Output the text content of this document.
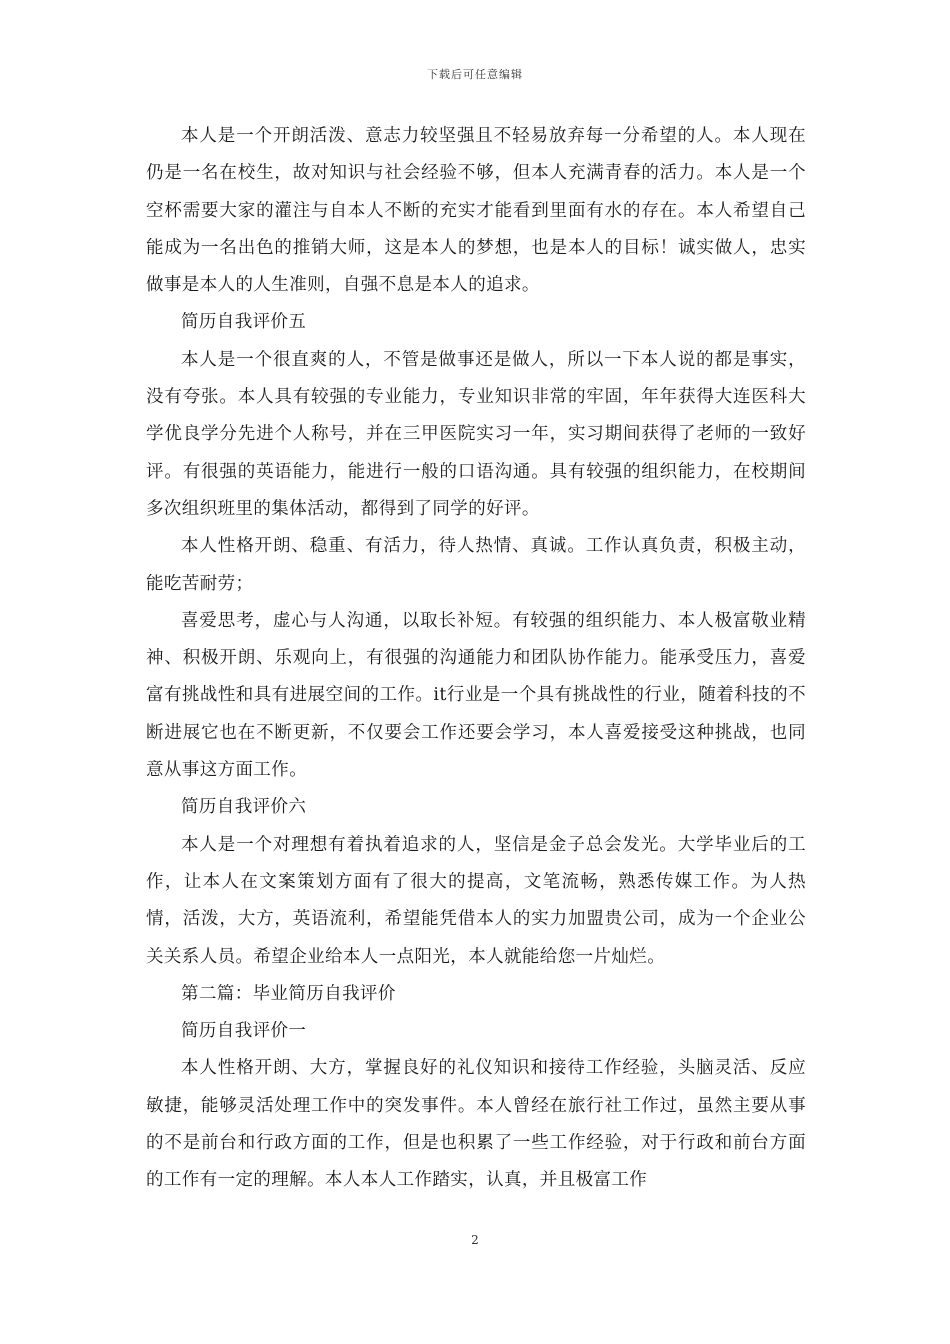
下载后可任意编辑

本人是一个开朗活泼、意志力较坚强且不轻易放弃每一分希望的人。本人现在仍是一名在校生，故对知识与社会经验不够，但本人充满青春的活力。本人是一个空杯需要大家的灌注与自本人不断的充实才能看到里面有水的存在。本人希望自己能成为一名出色的推销大师，这是本人的梦想，也是本人的目标！诚实做人，忠实做事是本人的人生准则，自强不息是本人的追求。

简历自我评价五

本人是一个很直爽的人，不管是做事还是做人，所以一下本人说的都是事实，没有夸张。本人具有较强的专业能力，专业知识非常的牢固，年年获得大连医科大学优良学分先进个人称号，并在三甲医院实习一年，实习期间获得了老师的一致好评。有很强的英语能力，能进行一般的口语沟通。具有较强的组织能力，在校期间多次组织班里的集体活动，都得到了同学的好评。

本人性格开朗、稳重、有活力，待人热情、真诚。工作认真负责，积极主动，能吃苦耐劳；

喜爱思考，虚心与人沟通，以取长补短。有较强的组织能力、本人极富敬业精神、积极开朗、乐观向上，有很强的沟通能力和团队协作能力。能承受压力，喜爱富有挑战性和具有进展空间的工作。it行业是一个具有挑战性的行业，随着科技的不断进展它也在不断更新，不仅要会工作还要会学习，本人喜爱接受这种挑战，也同意从事这方面工作。

简历自我评价六

本人是一个对理想有着执着追求的人，坚信是金子总会发光。大学毕业后的工作，让本人在文案策划方面有了很大的提高，文笔流畅，熟悉传媒工作。为人热情，活泼，大方，英语流利，希望能凭借本人的实力加盟贵公司，成为一个企业公关关系人员。希望企业给本人一点阳光，本人就能给您一片灿烂。

第二篇：毕业简历自我评价

简历自我评价一

本人性格开朗、大方，掌握良好的礼仪知识和接待工作经验，头脑灵活、反应敏捷，能够灵活处理工作中的突发事件。本人曾经在旅行社工作过，虽然主要从事的不是前台和行政方面的工作，但是也积累了一些工作经验，对于行政和前台方面的工作有一定的理解。本人本人工作踏实，认真，并且极富工作

2
